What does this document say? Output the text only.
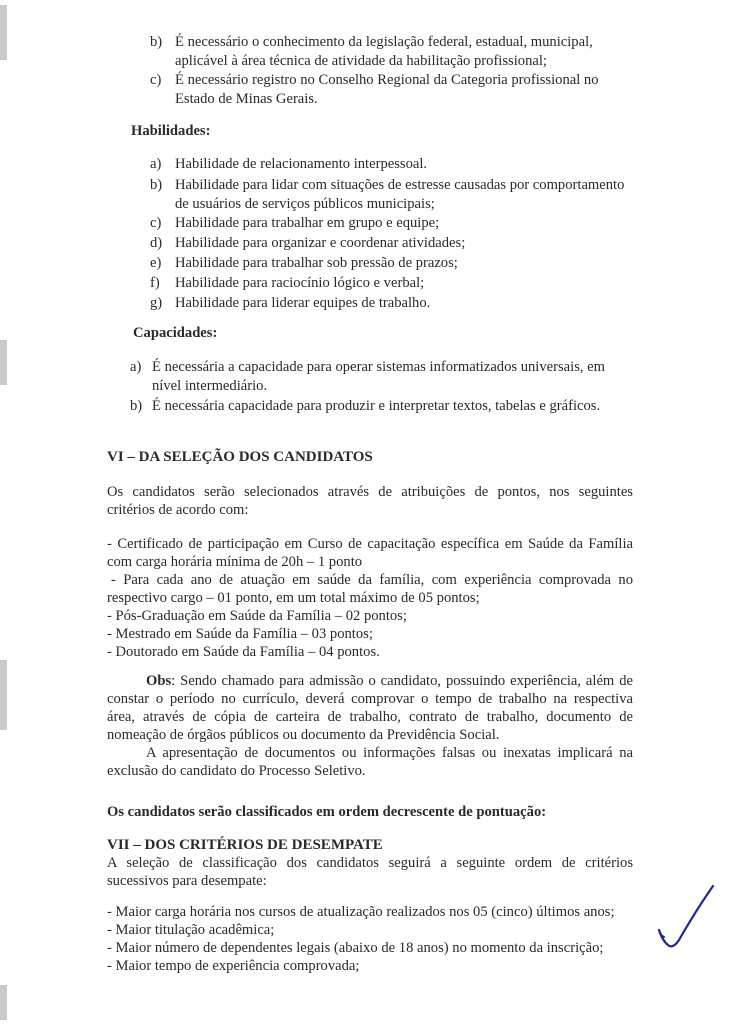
b) É necessário o conhecimento da legislação federal, estadual, municipal,
aplicável à área técnica de atividade da habilitação profissional;
c) É necessário registro no Conselho Regional da Categoria profissional no
Estado de Minas Gerais.
Habilidades:
a) Habilidade de relacionamento interpessoal.
b) Habilidade para lidar com situações de estresse causadas por comportamento
de usuários de serviços públicos municipais;
c) Habilidade para trabalhar em grupo e equipe;
d) Habilidade para organizar e coordenar atividades;
e) Habilidade para trabalhar sob pressão de prazos;
f) Habilidade para raciocínio lógico e verbal;
g) Habilidade para liderar equipes de trabalho.
Capacidades:
a) É necessária a capacidade para operar sistemas informatizados universais, em
nível intermediário.
b) É necessária capacidade para produzir e interpretar textos, tabelas e gráficos.
VI – DA SELEÇÃO DOS CANDIDATOS
Os candidatos serão selecionados através de atribuições de pontos, nos seguintes
critérios de acordo com:
- Certificado de participação em Curso de capacitação específica em Saúde da Família
com carga horária mínima de 20h – 1 ponto
- Para cada ano de atuação em saúde da família, com experiência comprovada no
respectivo cargo – 01 ponto, em um total máximo de 05 pontos;
- Pós-Graduação em Saúde da Família – 02 pontos;
- Mestrado em Saúde da Família – 03 pontos;
- Doutorado em Saúde da Família – 04 pontos.
Obs : Sendo chamado para admissão o candidato, possuindo experiência, além de
constar o período no currículo, deverá comprovar o tempo de trabalho na respectiva
área, através de cópia de carteira de trabalho, contrato de trabalho, documento de
nomeação de órgãos públicos ou documento da Previdência Social.
A apresentação de documentos ou informações falsas ou inexatas implicará na
exclusão do candidato do Processo Seletivo.
Os candidatos serão classificados em ordem decrescente de pontuação:
VII – DOS CRITÉRIOS DE DESEMPATE
A seleção de classificação dos candidatos seguirá a seguinte ordem de critérios
sucessivos para desempate:
- Maior carga horária nos cursos de atualização realizados nos 05 (cinco) últimos anos;
- Maior titulação acadêmica;
- Maior número de dependentes legais (abaixo de 18 anos) no momento da inscrição;
- Maior tempo de experiência comprovada;
